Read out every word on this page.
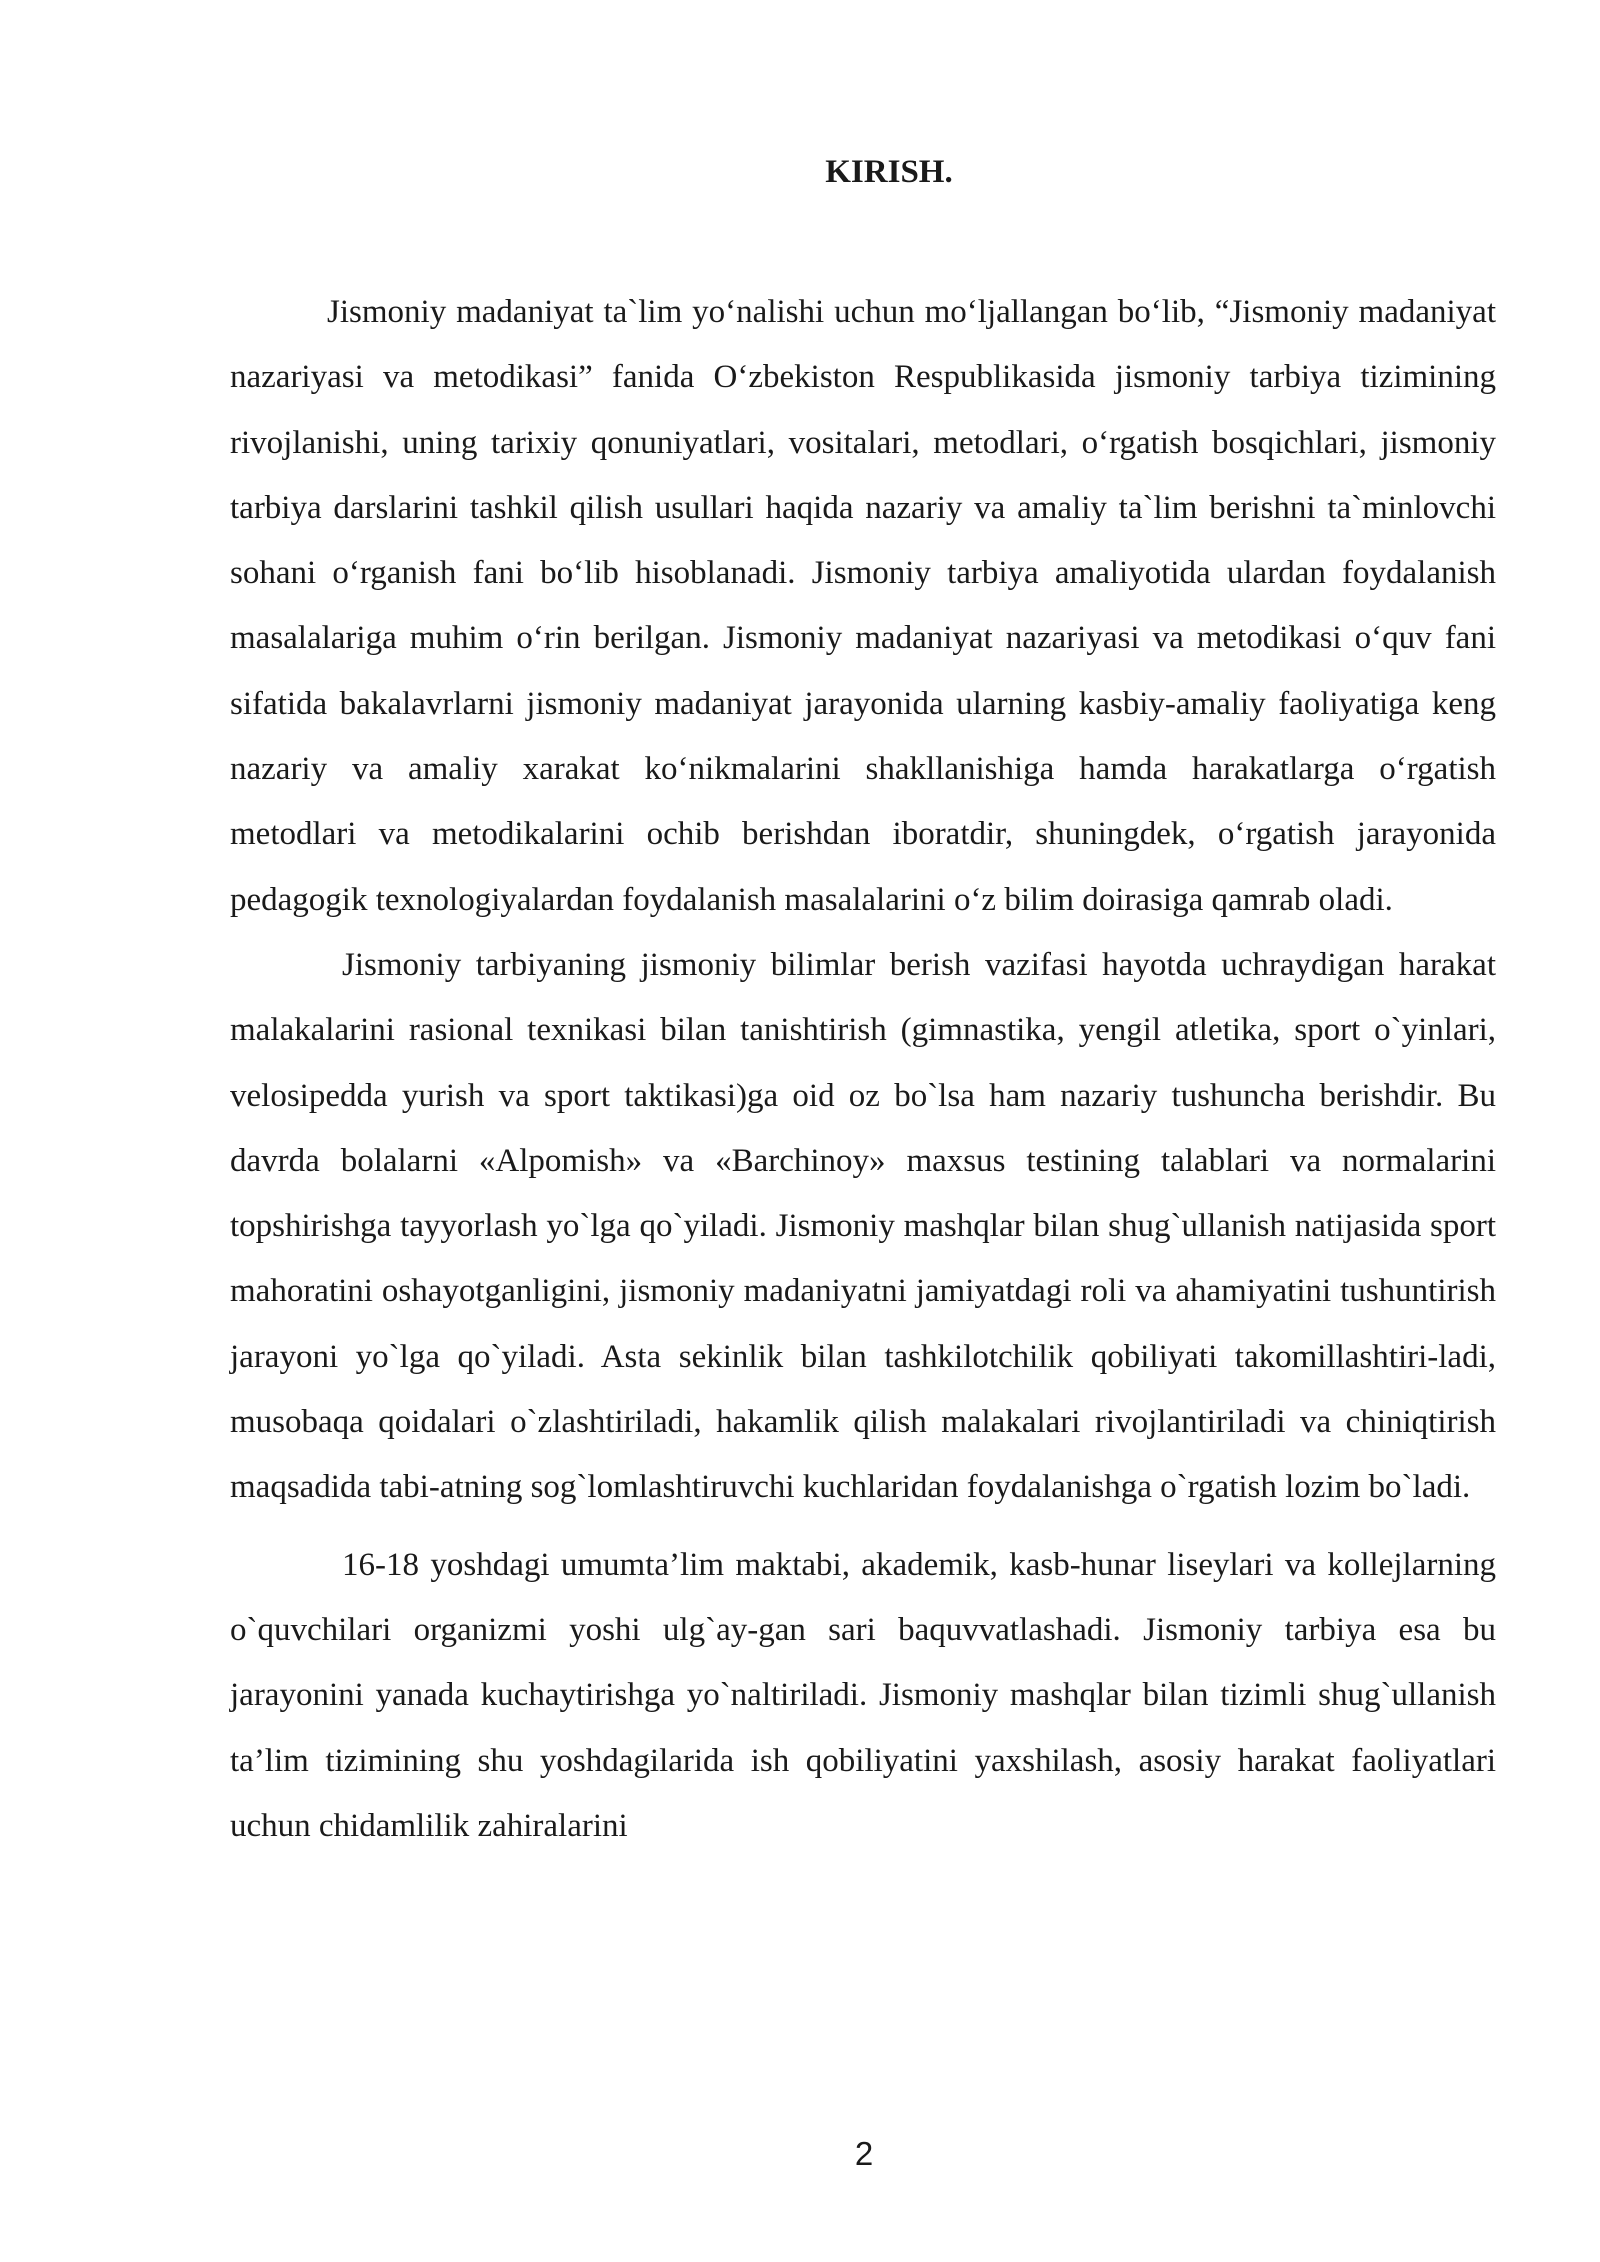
KIRISH.

Jismoniy madaniyat ta`lim yo‘nalishi uchun mo‘ljallangan bo‘lib, “Jismoniy madaniyat nazariyasi va metodikasi” fanida O‘zbekiston Respublikasida jismoniy tarbiya tizimining rivojlanishi, uning tarixiy qonuniyatlari, vositalari, metodlari, o‘rgatish bosqichlari, jismoniy tarbiya darslarini tashkil qilish usullari haqida nazariy va amaliy ta`lim berishni ta`minlovchi sohani o‘rganish fani bo‘lib hisoblanadi. Jismoniy tarbiya amaliyotida ulardan foydalanish masalalariga muhim o‘rin berilgan. Jismoniy madaniyat nazariyasi va metodikasi o‘quv fani sifatida bakalavrlarni jismoniy madaniyat jarayonida ularning kasbiy-amaliy faoliyatiga keng nazariy va amaliy xarakat ko‘nikmalarini shakllanishiga hamda harakatlarga o‘rgatish metodlari va metodikalarini ochib berishdan iboratdir, shuningdek, o‘rgatish jarayonida pedagogik texnologiyalardan foydalanish masalalarini o‘z bilim doirasiga qamrab oladi.

Jismoniy tarbiyaning jismoniy bilimlar berish vazifasi hayotda uchraydigan harakat malakalarini rasional texnikasi bilan tanishtirish (gimnastika, yengil atletika, sport o`yinlari, velosipedda yurish va sport taktikasi)ga oid oz bo`lsa ham nazariy tushuncha berishdir. Bu davrda bolalarni «Alpomish» va «Barchinoy» maxsus testining talablari va normalarini topshirishga tayyorlash yo`lga qo`yiladi. Jismoniy mashqlar bilan shug`ullanish natijasida sport mahoratini oshayotganligini, jismoniy madaniyatni jamiyatdagi roli va ahamiyatini tushuntirish jarayoni yo`lga qo`yiladi. Asta sekinlik bilan tashkilotchilik qobiliyati takomillashtiri-ladi, musobaqa qoidalari o`zlashtiriladi, hakamlik qilish malakalari rivojlantiriladi va chiniqtirish maqsadida tabi-atning sog`lomlashtiruvchi kuchlaridan foydalanishga o`rgatish lozim bo`ladi.

16-18 yoshdagi umumta’lim maktabi, akademik, kasb-hunar liseylari va kollejlarning o`quvchilari organizmi yoshi ulg`ay-gan sari baquvvatlashadi. Jismoniy tarbiya esa bu jarayonini yanada kuchaytirishga yo`naltiriladi. Jismoniy mashqlar bilan tizimli shug`ullanish ta’lim tizimining shu yoshdagilarida ish qobiliyatini yaxshilash, asosiy harakat faoliyatlari uchun chidamlilik zahiralarini

2
